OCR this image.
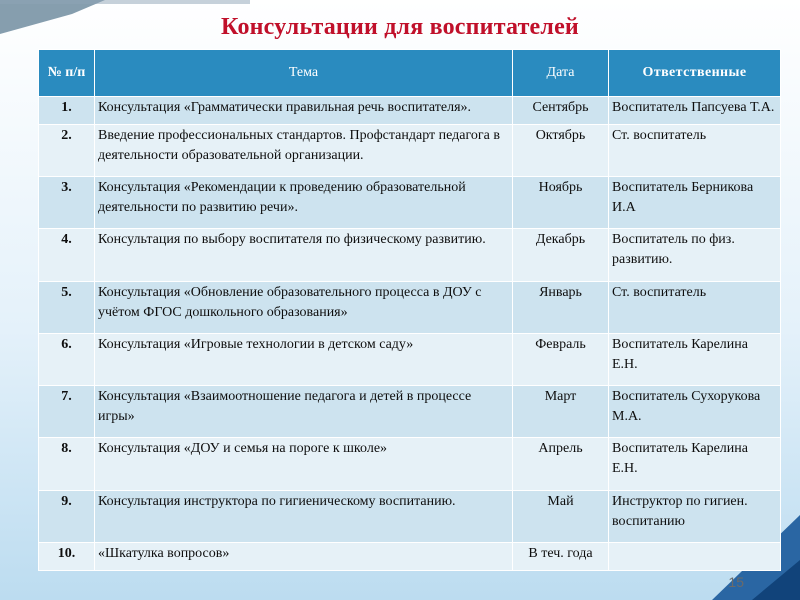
Консультации для воспитателей
№ п/п	Тема	Дата	Ответственные
1.	Консультация «Грамматически правильная речь воспитателя».	Сентябрь	Воспитатель Папсуева Т.А.
2.	Введение профессиональных стандартов. Профстандарт педагога в деятельности образовательной организации.	Октябрь	Ст. воспитатель
3.	Консультация «Рекомендации к проведению образовательной деятельности по развитию речи».	Ноябрь	Воспитатель Берникова И.А
4.	Консультация по выбору воспитателя по физическому развитию.	Декабрь	Воспитатель по физ. развитию.
5.	Консультация «Обновление образовательного процесса в ДОУ с учётом ФГОС дошкольного образования»	Январь	Ст. воспитатель
6.	Консультация «Игровые технологии в детском саду»	Февраль	Воспитатель Карелина Е.Н.
7.	Консультация «Взаимоотношение педагога и детей в процессе игры»	Март	Воспитатель Сухорукова М.А.
8.	Консультация «ДОУ и семья на пороге к школе»	Апрель	Воспитатель Карелина Е.Н.
9.	Консультация инструктора по гигиеническому воспитанию.	Май	Инструктор по гигиен. воспитанию
10.	«Шкатулка вопросов»	В теч. года	
15
